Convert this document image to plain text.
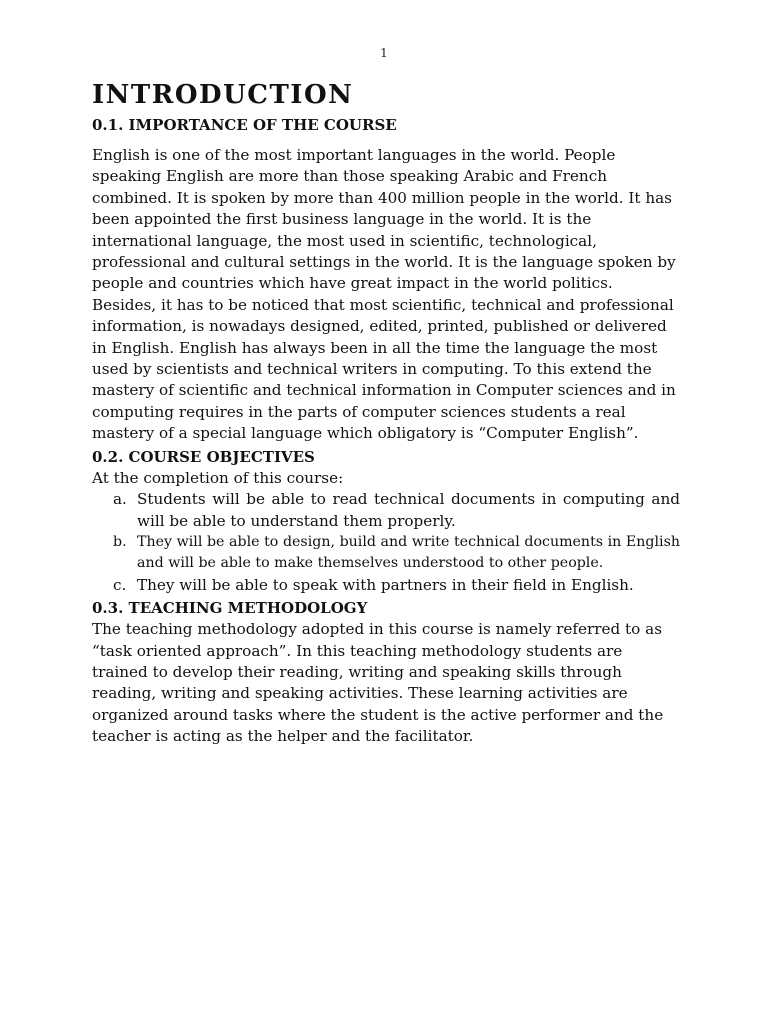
1
INTRODUCTION
0.1. IMPORTANCE OF THE COURSE

English is one of the most important languages in the world. People speaking English are more than those speaking Arabic and French combined. It is spoken by more than 400 million people in the world. It has been appointed the first business language in the world. It is the international language, the most used in scientific, technological, professional and cultural settings in the world. It is the language spoken by people and countries which have great impact in the world politics. Besides, it has to be noticed that most scientific, technical and professional information, is nowadays designed, edited, printed, published or delivered in English. English has always been in all the time the language the most used by scientists and technical writers in computing. To this extend the mastery of scientific and technical information in Computer sciences and in computing requires in the parts of computer sciences students a real mastery of a special language which obligatory is “Computer English”.

0.2. COURSE OBJECTIVES

At the completion of this course:

a. Students will be able to read technical documents in computing and will be able to understand them properly.
b. They will be able to design, build and write technical documents in English and will be able to make themselves understood to other people.
c. They will be able to speak with partners in their field in English.
0.3. TEACHING METHODOLOGY

The teaching methodology adopted in this course is namely referred to as “task oriented approach”. In this teaching methodology students are trained to develop their reading, writing and speaking skills through reading, writing and speaking activities. These learning activities are organized around tasks where the student is the active performer and the teacher is acting as the helper and the facilitator.
